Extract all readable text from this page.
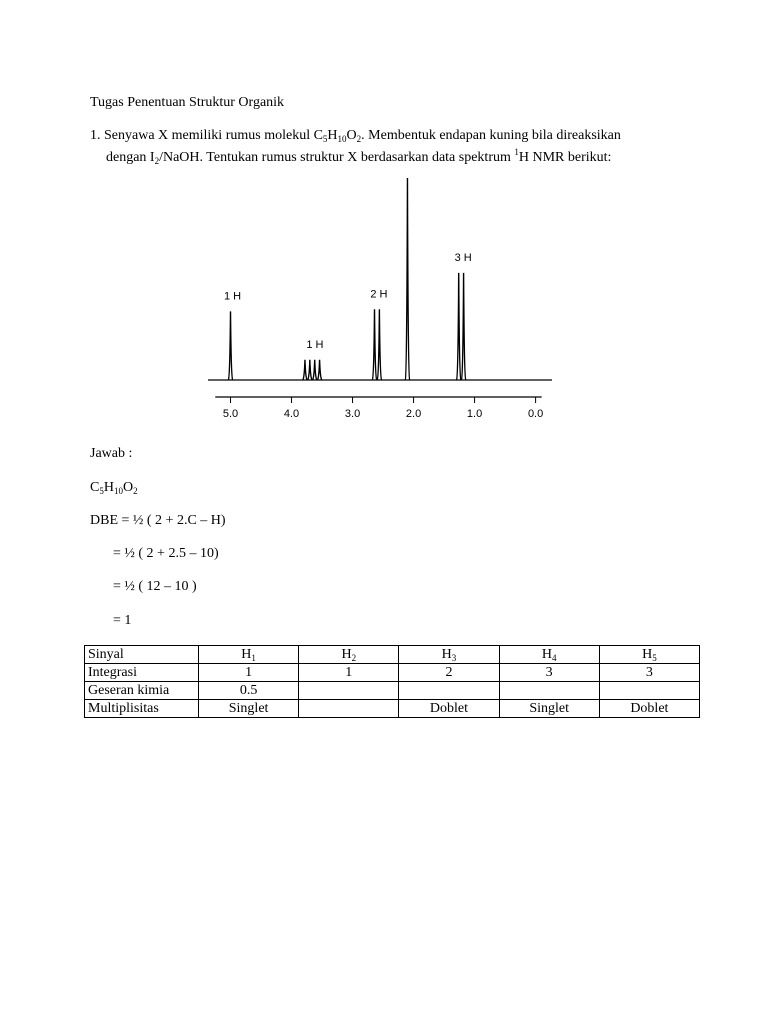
Tugas Penentuan Struktur Organik
1. Senyawa X memiliki rumus molekul $C_5H_{10}O_2$. Membentuk endapan kuning bila direaksikan
dengan $I_2$/NaOH. Tentukan rumus struktur X berdasarkan data spektrum $^1$H NMR berikut:
5.0	4.0	3.0	2.0	1.0	0.0
1 H
1 H
2 H
3 H
Jawab :
$C_5H_{10}O_2$
DBE = ½ ( 2 + 2.C – H)
= ½ ( 2 + 2.5 – 10)
= ½ ( 12 – 10 )
= 1
Sinyal	$H_1$	$H_2$	$H_3$	$H_4$	$H_5$
Integrasi	1	1	2	3	3
Geseran kimia	0.5				
Multiplisitas	Singlet		Doblet	Singlet	Doblet
